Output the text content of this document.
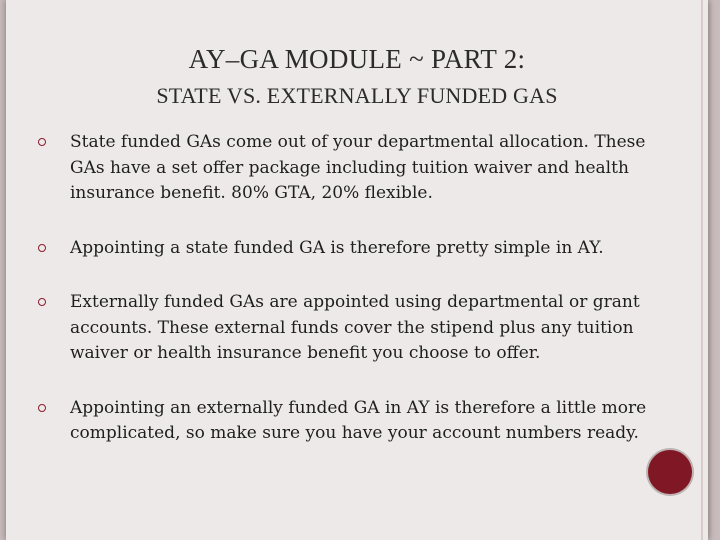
AY–GA MODULE ~ PART 2:
STATE VS. EXTERNALLY FUNDED GAS
State funded GAs come out of your departmental allocation. These GAs have a set offer package including tuition waiver and health insurance benefit. 80% GTA, 20% flexible.
Appointing a state funded GA is therefore pretty simple in AY.
Externally funded GAs are appointed using departmental or grant accounts. These external funds cover the stipend plus any tuition waiver or health insurance benefit you choose to offer.
Appointing an externally funded GA in AY is therefore a little more complicated, so make sure you have your account numbers ready.
